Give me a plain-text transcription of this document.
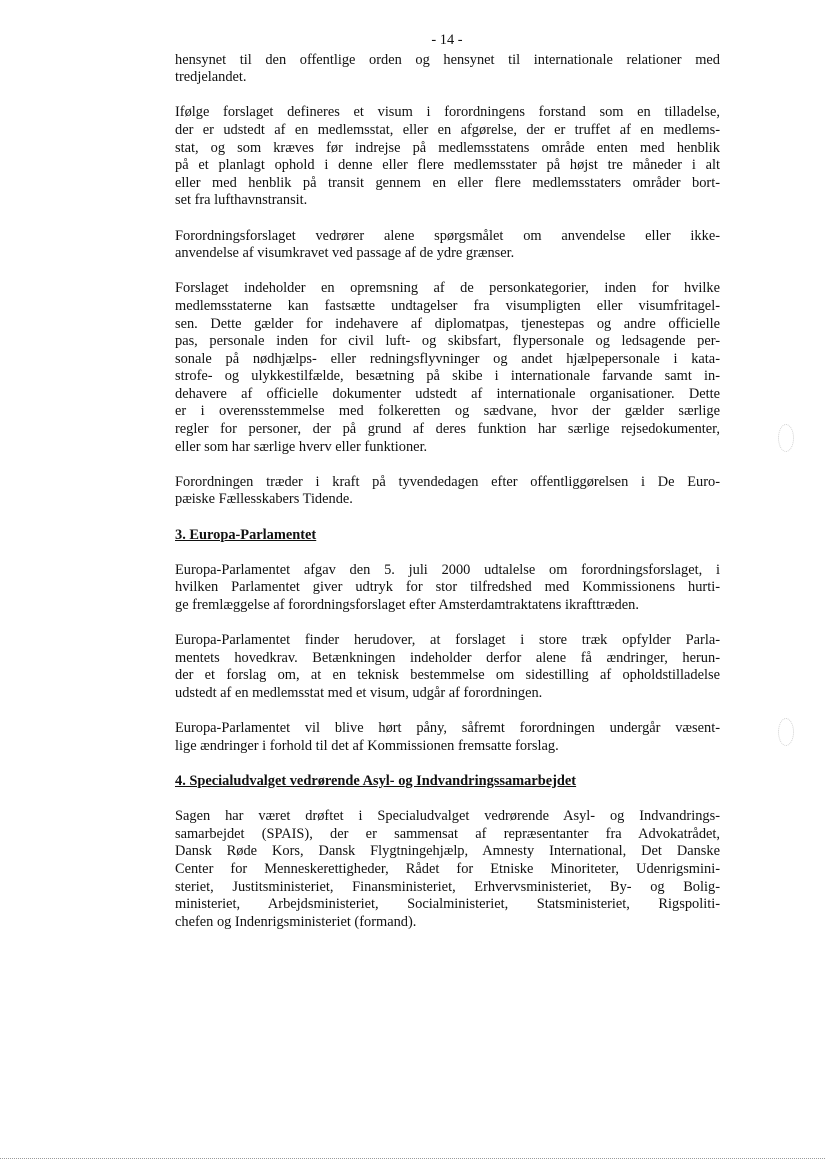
- 14 -
hensynet til den offentlige orden og hensynet til internationale relationer med
tredjelandet.
Ifølge forslaget defineres et visum i forordningens forstand som en tilladelse,
der er udstedt af en medlemsstat, eller en afgørelse, der er truffet af en medlems-
stat, og som kræves før indrejse på medlemsstatens område enten med henblik
på et planlagt ophold i denne eller flere medlemsstater på højst tre måneder i alt
eller med henblik på transit gennem en eller flere medlemsstaters områder bort-
set fra lufthavnstransit.
Forordningsforslaget vedrører alene spørgsmålet om anvendelse eller ikke-
anvendelse af visumkravet ved passage af de ydre grænser.
Forslaget indeholder en opremsning af de personkategorier, inden for hvilke
medlemsstaterne kan fastsætte undtagelser fra visumpligten eller visumfritagel-
sen. Dette gælder for indehavere af diplomatpas, tjenestepas og andre officielle
pas, personale inden for civil luft- og skibsfart, flypersonale og ledsagende per-
sonale på nødhjælps- eller redningsflyvninger og andet hjælpepersonale i kata-
strofe- og ulykkestilfælde, besætning på skibe i internationale farvande samt in-
dehavere af officielle dokumenter udstedt af internationale organisationer. Dette
er i overensstemmelse med folkeretten og sædvane, hvor der gælder særlige
regler for personer, der på grund af deres funktion har særlige rejsedokumenter,
eller som har særlige hverv eller funktioner.
Forordningen træder i kraft på tyvendedagen efter offentliggørelsen i De Euro-
pæiske Fællesskabers Tidende.
3. Europa-Parlamentet
Europa-Parlamentet afgav den 5. juli 2000 udtalelse om forordningsforslaget, i
hvilken Parlamentet giver udtryk for stor tilfredshed med Kommissionens hurti-
ge fremlæggelse af forordningsforslaget efter Amsterdamtraktatens ikrafttræden.
Europa-Parlamentet finder herudover, at forslaget i store træk opfylder Parla-
mentets hovedkrav. Betænkningen indeholder derfor alene få ændringer, herun-
der et forslag om, at en teknisk bestemmelse om sidestilling af opholdstilladelse
udstedt af en medlemsstat med et visum, udgår af forordningen.
Europa-Parlamentet vil blive hørt påny, såfremt forordningen undergår væsent-
lige ændringer i forhold til det af Kommissionen fremsatte forslag.
4. Specialudvalget vedrørende Asyl- og Indvandringssamarbejdet
Sagen har været drøftet i Specialudvalget vedrørende Asyl- og Indvandrings-
samarbejdet (SPAIS), der er sammensat af repræsentanter fra Advokatrådet,
Dansk Røde Kors, Dansk Flygtningehjælp, Amnesty International, Det Danske
Center for Menneskerettigheder, Rådet for Etniske Minoriteter, Udenrigsmini-
steriet, Justitsministeriet, Finansministeriet, Erhvervsministeriet, By- og Bolig-
ministeriet, Arbejdsministeriet, Socialministeriet, Statsministeriet, Rigspoliti-
chefen og Indenrigsministeriet (formand).
